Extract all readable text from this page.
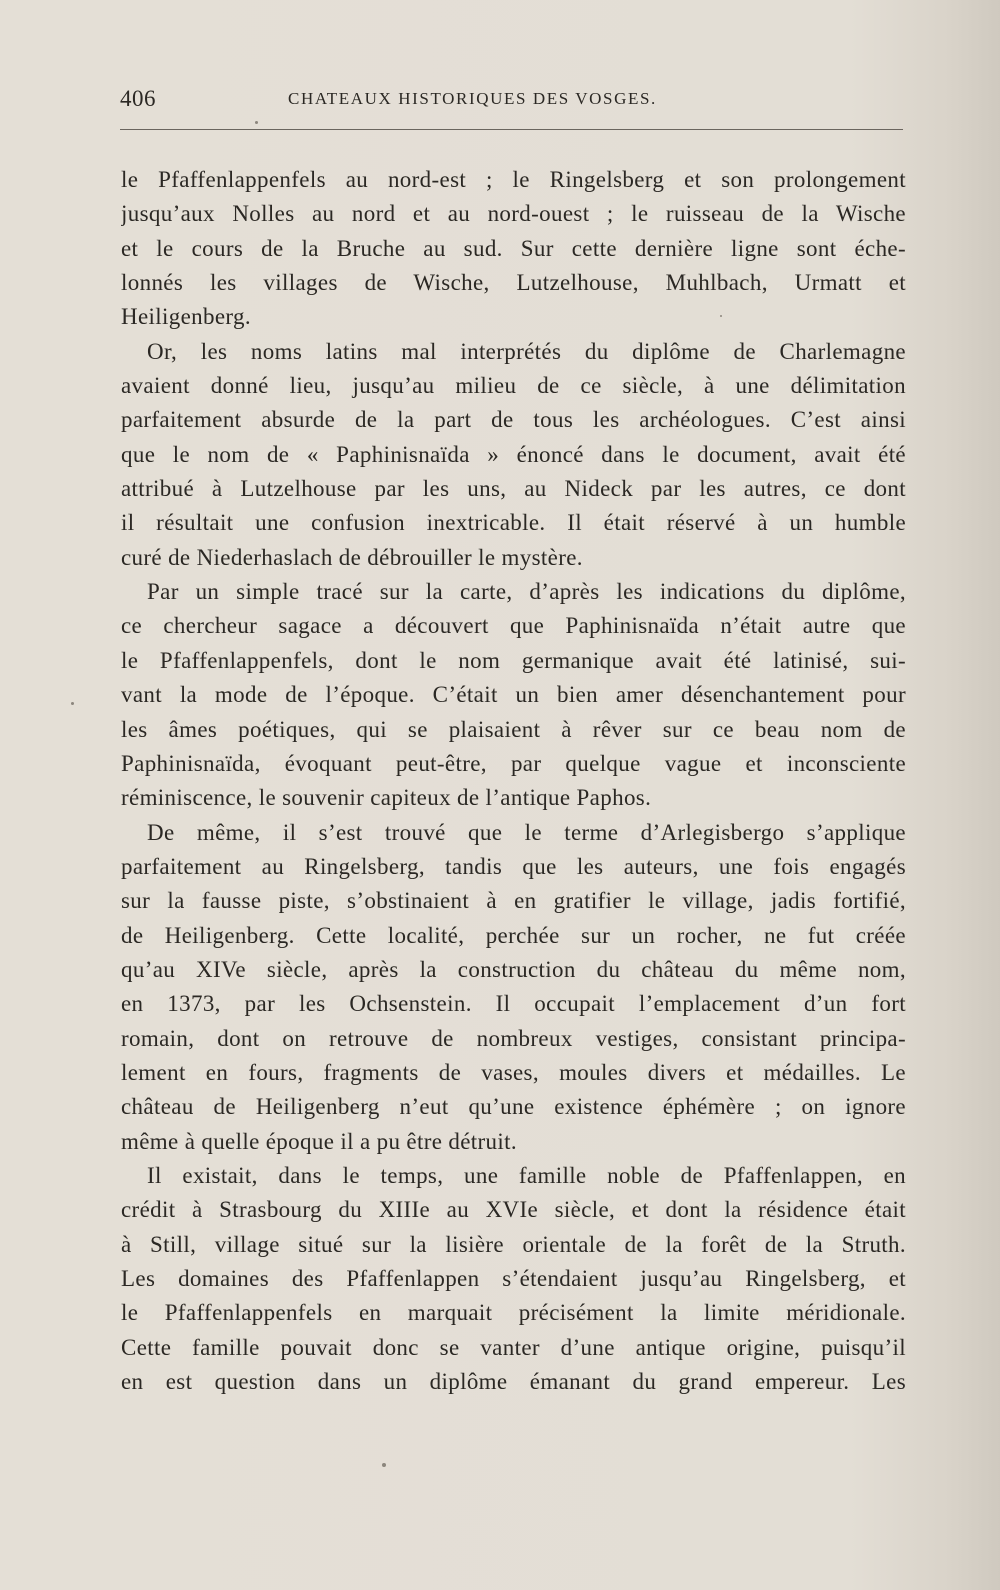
406	CHATEAUX HISTORIQUES DES VOSGES.
le Pfaffenlappenfels au nord-est ; le Ringelsberg et son prolongement
jusqu’aux Nolles au nord et au nord-ouest ; le ruisseau de la Wische
et le cours de la Bruche au sud. Sur cette dernière ligne sont éche-
lonnés les villages de Wische, Lutzelhouse, Muhlbach, Urmatt et
Heiligenberg.
Or, les noms latins mal interprétés du diplôme de Charlemagne
avaient donné lieu, jusqu’au milieu de ce siècle, à une délimitation
parfaitement absurde de la part de tous les archéologues. C’est ainsi
que le nom de « Paphinisnaïda » énoncé dans le document, avait été
attribué à Lutzelhouse par les uns, au Nideck par les autres, ce dont
il résultait une confusion inextricable. Il était réservé à un humble
curé de Niederhaslach de débrouiller le mystère.
Par un simple tracé sur la carte, d’après les indications du diplôme,
ce chercheur sagace a découvert que Paphinisnaïda n’était autre que
le Pfaffenlappenfels, dont le nom germanique avait été latinisé, sui-
vant la mode de l’époque. C’était un bien amer désenchantement pour
les âmes poétiques, qui se plaisaient à rêver sur ce beau nom de
Paphinisnaïda, évoquant peut-être, par quelque vague et inconsciente
réminiscence, le souvenir capiteux de l’antique Paphos.
De même, il s’est trouvé que le terme d’Arlegisbergo s’applique
parfaitement au Ringelsberg, tandis que les auteurs, une fois engagés
sur la fausse piste, s’obstinaient à en gratifier le village, jadis fortifié,
de Heiligenberg. Cette localité, perchée sur un rocher, ne fut créée
qu’au XIVe siècle, après la construction du château du même nom,
en 1373, par les Ochsenstein. Il occupait l’emplacement d’un fort
romain, dont on retrouve de nombreux vestiges, consistant principa-
lement en fours, fragments de vases, moules divers et médailles. Le
château de Heiligenberg n’eut qu’une existence éphémère ; on ignore
même à quelle époque il a pu être détruit.
Il existait, dans le temps, une famille noble de Pfaffenlappen, en
crédit à Strasbourg du XIIIe au XVIe siècle, et dont la résidence était
à Still, village situé sur la lisière orientale de la forêt de la Struth.
Les domaines des Pfaffenlappen s’étendaient jusqu’au Ringelsberg, et
le Pfaffenlappenfels en marquait précisément la limite méridionale.
Cette famille pouvait donc se vanter d’une antique origine, puisqu’il
en est question dans un diplôme émanant du grand empereur. Les
